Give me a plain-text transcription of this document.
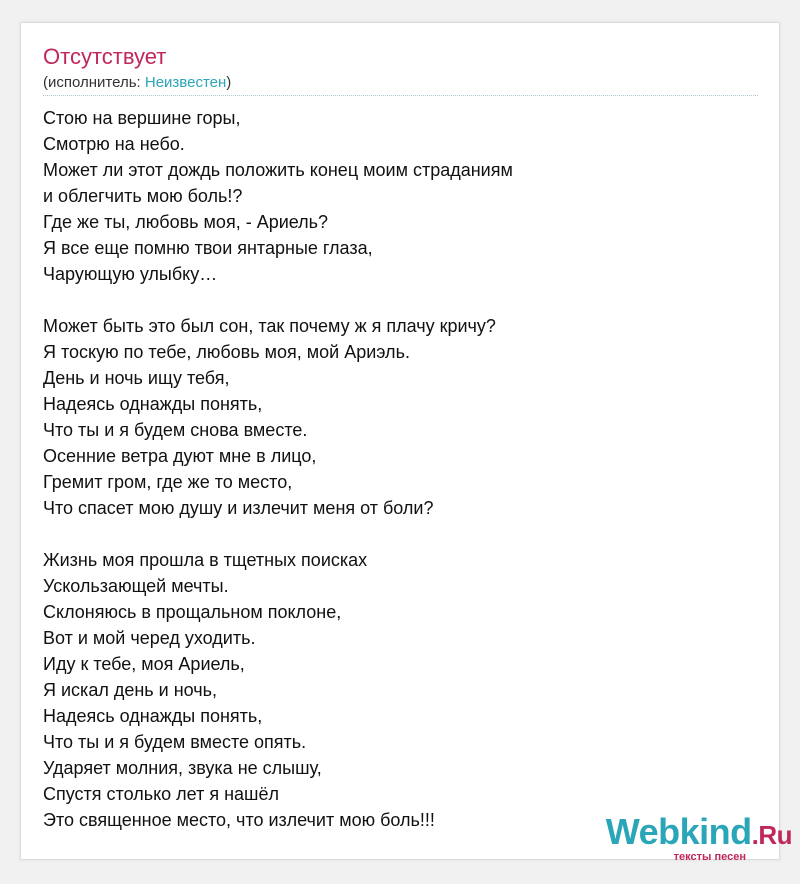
Отсутствует
(исполнитель: Неизвестен)
Стою на вершине горы,
Смотрю на небо.
Может ли этот дождь положить конец моим страданиям
и облегчить мою боль!?
Где же ты, любовь моя, - Ариель?
Я все еще помню твои янтарные глаза,
Чарующую улыбку…
Может быть это был сон, так почему ж я плачу кричу?
Я тоскую по тебе, любовь моя, мой Ариэль.
День и ночь ищу тебя,
Надеясь однажды понять,
Что ты и я будем снова вместе.
Осенние ветра дуют мне в лицо,
Гремит гром, где же то место,
Что спасет мою душу и излечит меня от боли?
Жизнь моя прошла в тщетных поисках
Ускользающей мечты.
Склоняюсь в прощальном поклоне,
Вот и мой черед уходить.
Иду к тебе, моя Ариель,
Я искал день и ночь,
Надеясь однажды понять,
Что ты и я будем вместе опять.
Ударяет молния, звука не слышу,
Спустя столько лет я нашёл
Это священное место, что излечит мою боль!!!	Webkind.Ru
тексты песен
